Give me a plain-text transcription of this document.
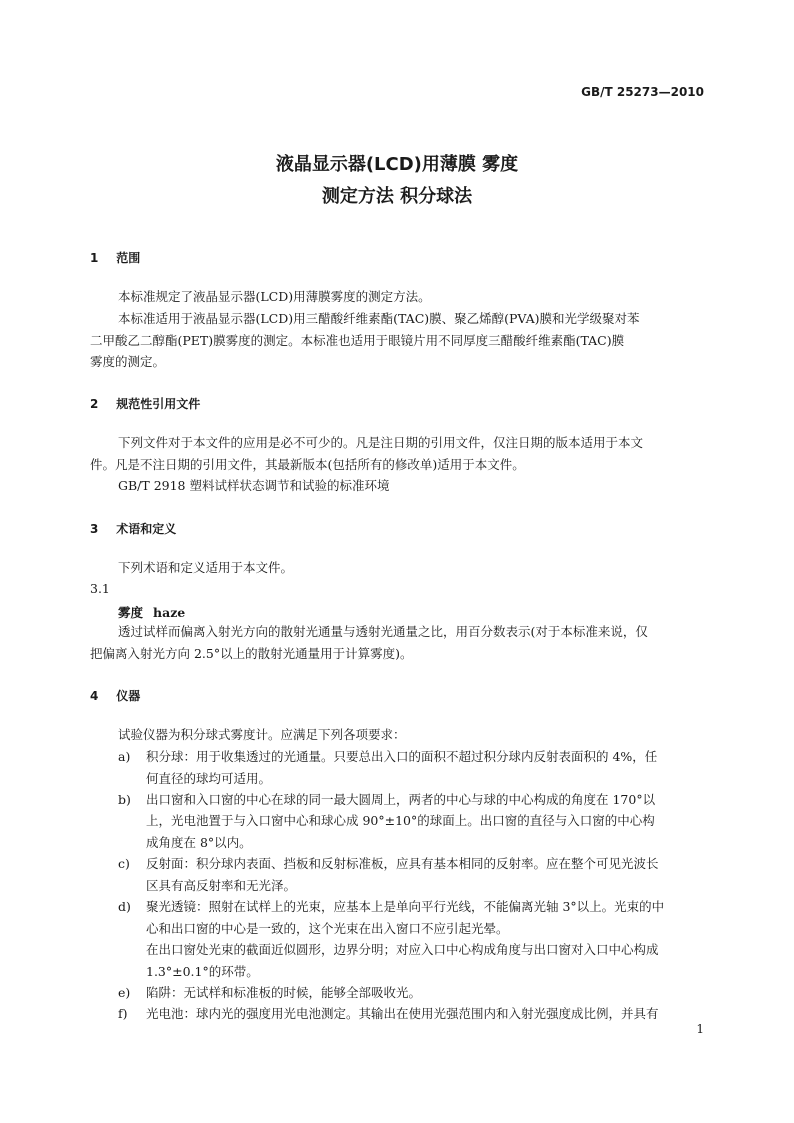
GB/T 25273—2010
液晶显示器(LCD)用薄膜 雾度
测定方法 积分球法
1 范围
本标准规定了液晶显示器(LCD)用薄膜雾度的测定方法。
本标准适用于液晶显示器(LCD)用三醋酸纤维素酯(TAC)膜、聚乙烯醇(PVA)膜和光学级聚对苯
二甲酸乙二醇酯(PET)膜雾度的测定。本标准也适用于眼镜片用不同厚度三醋酸纤维素酯(TAC)膜
雾度的测定。
2 规范性引用文件
下列文件对于本文件的应用是必不可少的。凡是注日期的引用文件，仅注日期的版本适用于本文
件。凡是不注日期的引用文件，其最新版本(包括所有的修改单)适用于本文件。
GB/T 2918 塑料试样状态调节和试验的标准环境
3 术语和定义
下列术语和定义适用于本文件。
3.1
雾度 haze
透过试样而偏离入射光方向的散射光通量与透射光通量之比，用百分数表示(对于本标准来说，仅
把偏离入射光方向 2.5°以上的散射光通量用于计算雾度)。
4 仪器
试验仪器为积分球式雾度计。应满足下列各项要求：
a)	积分球：用于收集透过的光通量。只要总出入口的面积不超过积分球内反射表面积的 4%，任
何直径的球均可适用。
b)	出口窗和入口窗的中心在球的同一最大圆周上，两者的中心与球的中心构成的角度在 170°以
上，光电池置于与入口窗中心和球心成 90°±10°的球面上。出口窗的直径与入口窗的中心构
成角度在 8°以内。
c)	反射面：积分球内表面、挡板和反射标准板，应具有基本相同的反射率。应在整个可见光波长
区具有高反射率和无光泽。
d)	聚光透镜：照射在试样上的光束，应基本上是单向平行光线，不能偏离光轴 3°以上。光束的中
心和出口窗的中心是一致的，这个光束在出入窗口不应引起光晕。
在出口窗处光束的截面近似圆形，边界分明；对应入口中心构成角度与出口窗对入口中心构成
1.3°±0.1°的环带。
e)	陷阱：无试样和标准板的时候，能够全部吸收光。
f)	光电池：球内光的强度用光电池测定。其输出在使用光强范围内和入射光强度成比例，并具有
1
